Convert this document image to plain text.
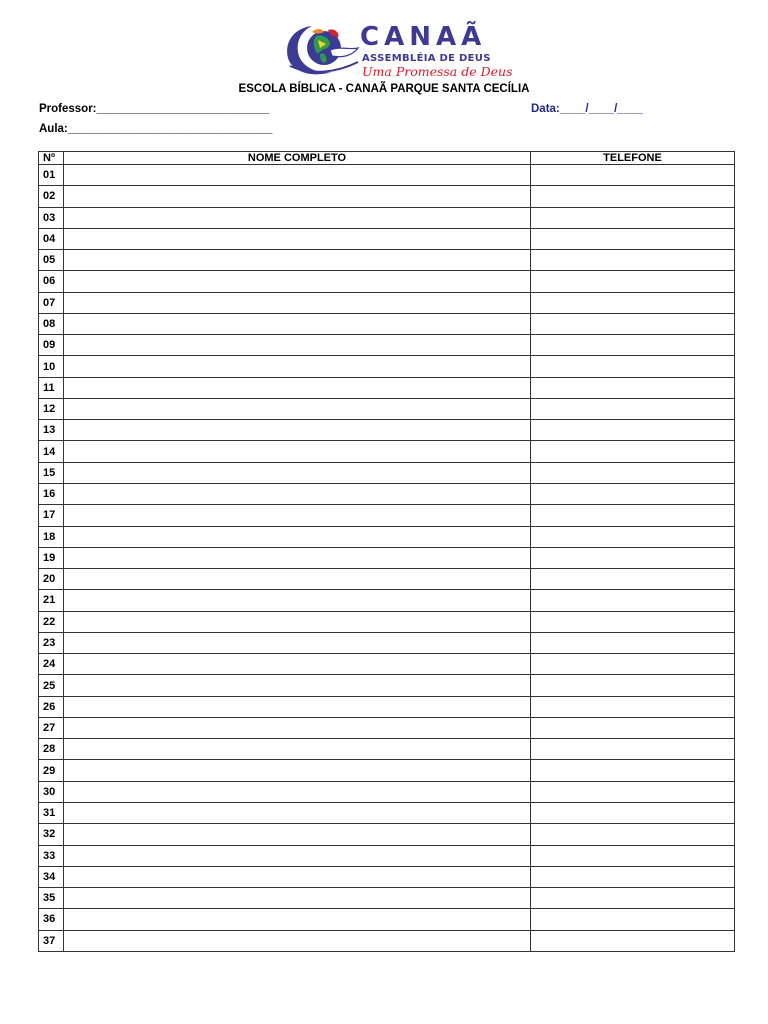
CANAÃ
ASSEMBLÉIA DE DEUS
Uma Promessa de Deus
ESCOLA BÍBLICA - CANAÃ PARQUE SANTA CECÍLIA
Professor:___________________________
Aula:________________________________
Data:____/____/____
Nº	NOME COMPLETO	TELEFONE
01		
02		
03		
04		
05		
06		
07		
08		
09		
10		
11		
12		
13		
14		
15		
16		
17		
18		
19		
20		
21		
22		
23		
24		
25		
26		
27		
28		
29		
30		
31		
32		
33		
34		
35		
36		
37		
